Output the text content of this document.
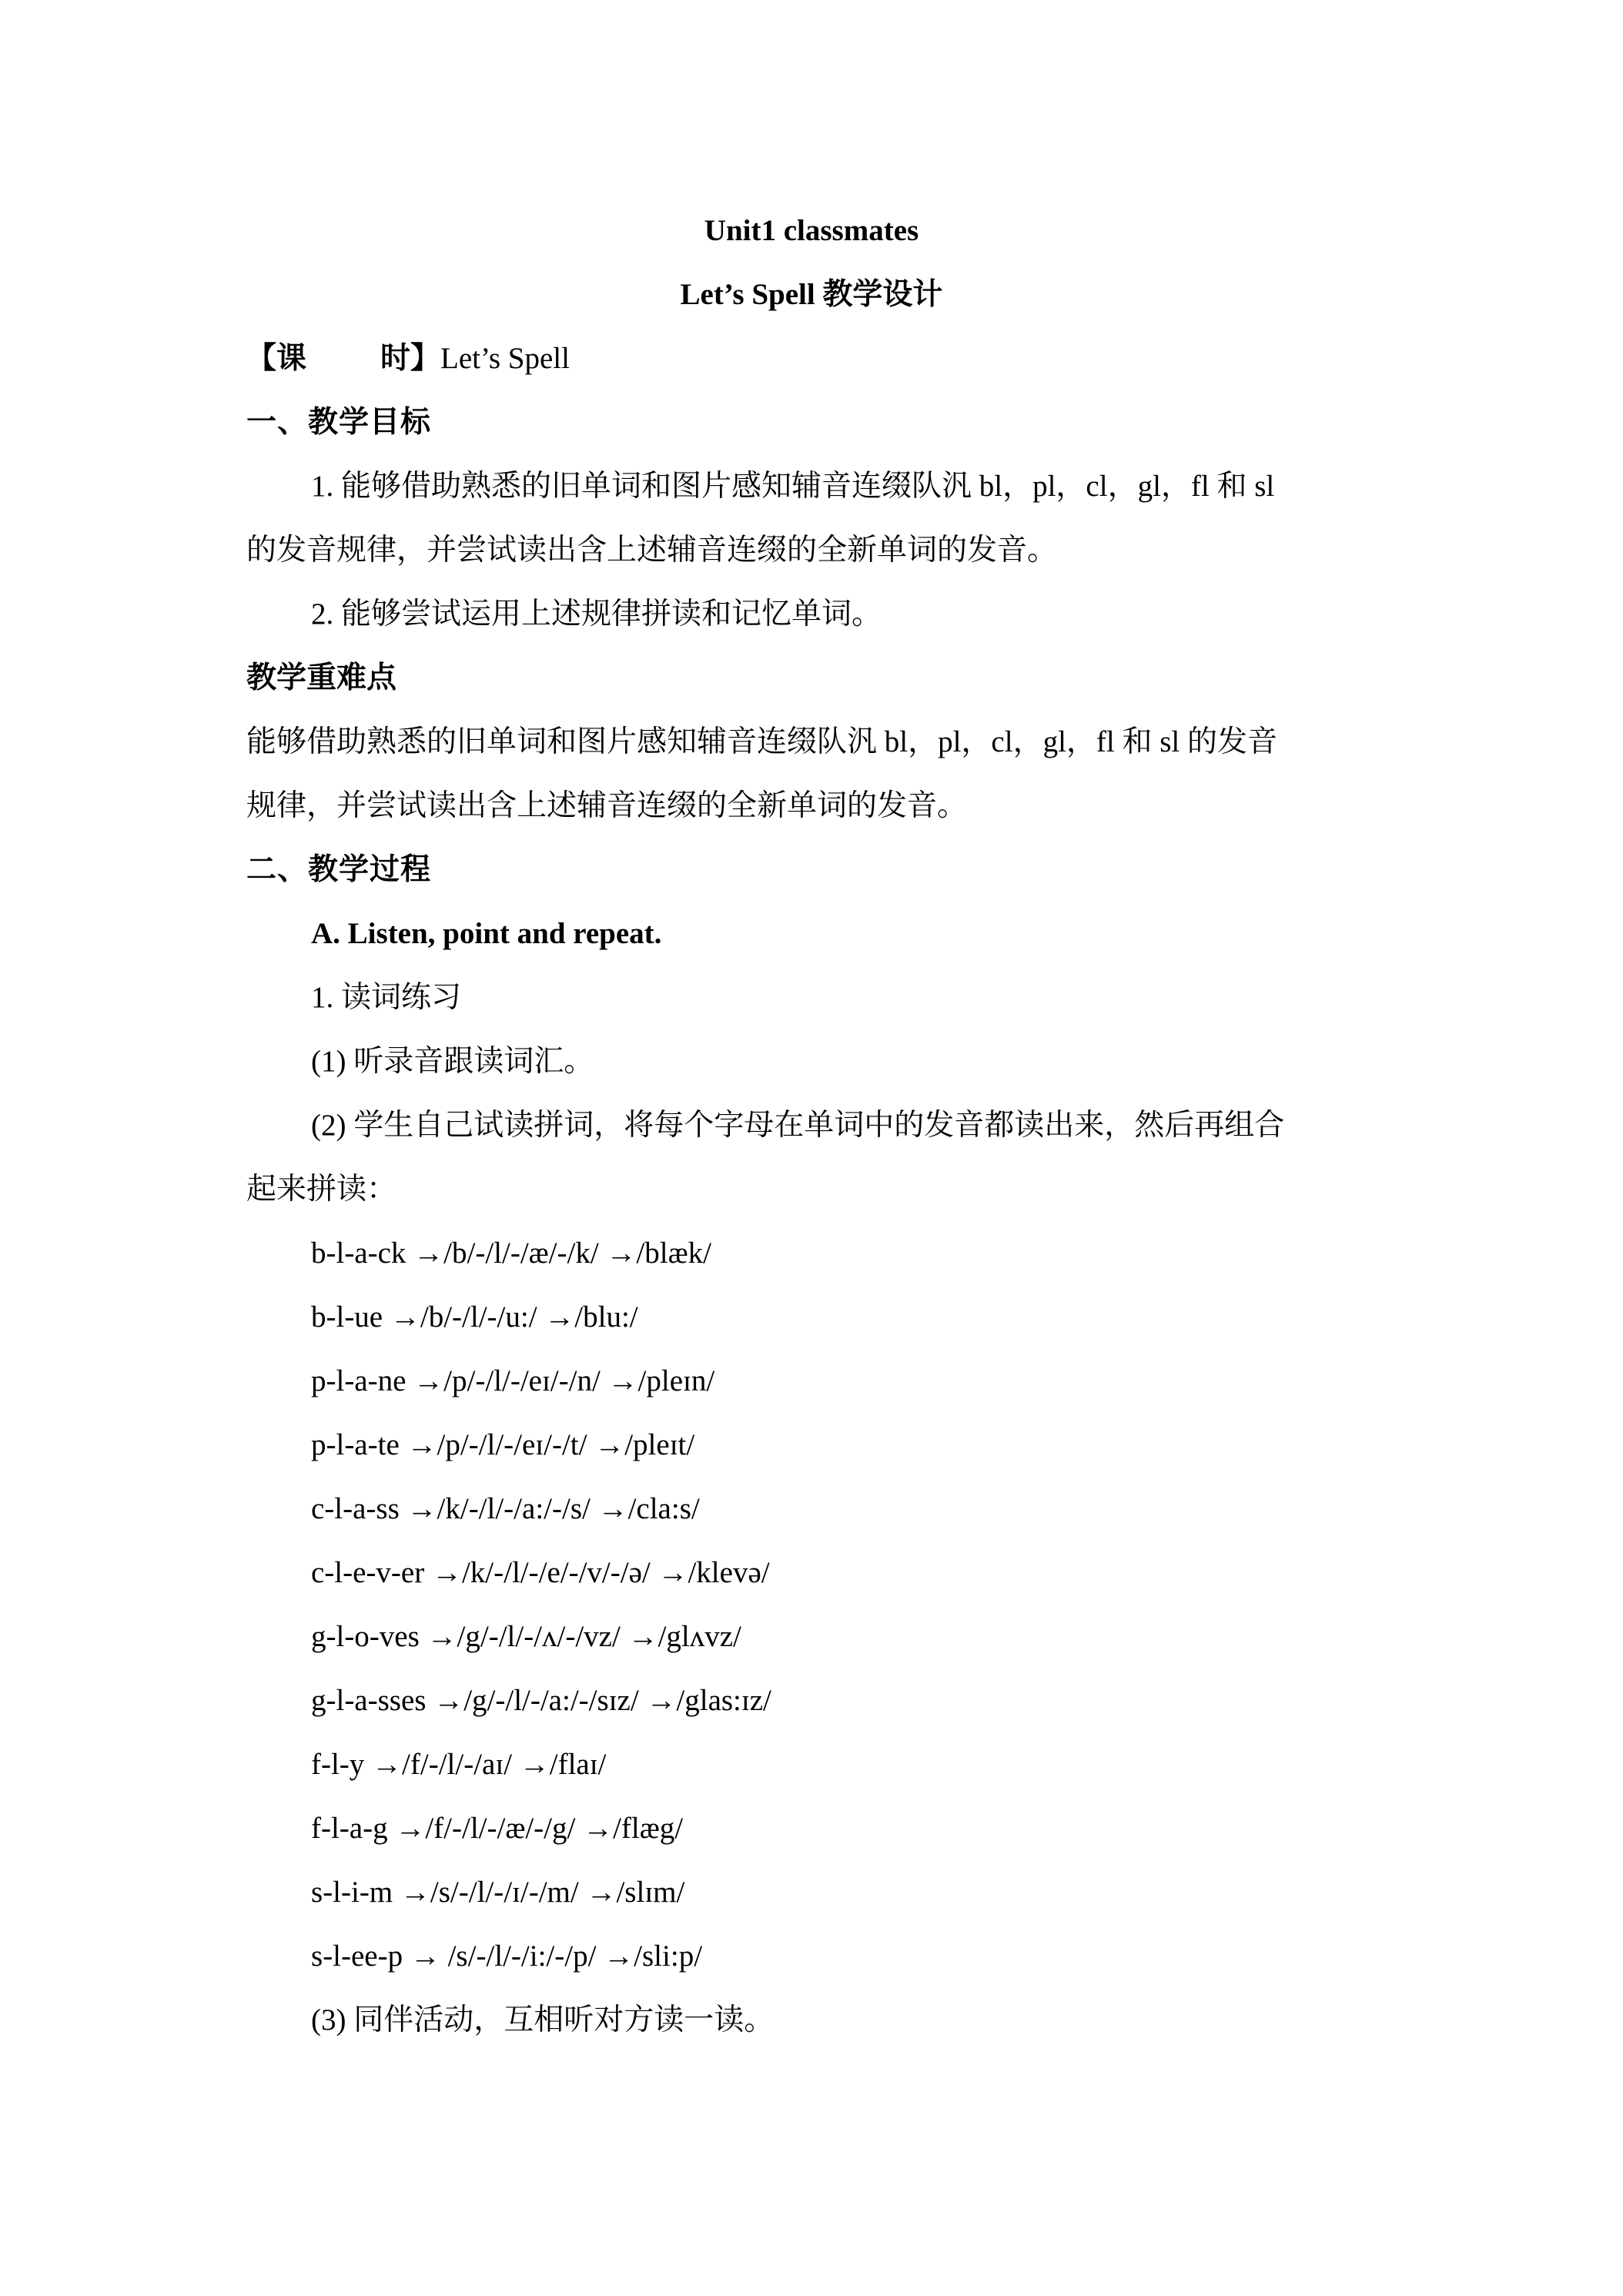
Unit1 classmates
Let’s Spell 教学设计
【课 时】Let’s Spell
一、教学目标
1. 能够借助熟悉的旧单词和图片感知辅音连缀队汎 bl，pl，cl，gl，fl 和 sl
的发音规律，并尝试读出含上述辅音连缀的全新单词的发音。
2. 能够尝试运用上述规律拼读和记忆单词。
教学重难点
能够借助熟悉的旧单词和图片感知辅音连缀队汎 bl，pl，cl，gl，fl 和 sl 的发音
规律，并尝试读出含上述辅音连缀的全新单词的发音。
二、教学过程
A. Listen, point and repeat.
1. 读词练习
(1) 听录音跟读词汇。
(2) 学生自己试读拼词，将每个字母在单词中的发音都读出来，然后再组合
起来拼读：
b-l-a-ck →/b/-/l/-/æ/-/k/ →/blæk/
b-l-ue →/b/-/l/-/u:/ →/blu:/
p-l-a-ne →/p/-/l/-/eɪ/-/n/ →/pleɪn/
p-l-a-te →/p/-/l/-/eɪ/-/t/ →/pleɪt/
c-l-a-ss →/k/-/l/-/a:/-/s/ →/cla:s/
c-l-e-v-er →/k/-/l/-/e/-/v/-/ə/ →/klevə/
g-l-o-ves →/g/-/l/-/ʌ/-/vz/ →/glʌvz/
g-l-a-sses →/g/-/l/-/a:/-/sɪz/ →/glas:ɪz/
f-l-y →/f/-/l/-/aɪ/ →/flaɪ/
f-l-a-g →/f/-/l/-/æ/-/g/ →/flæg/
s-l-i-m →/s/-/l/-/ɪ/-/m/ →/slɪm/
s-l-ee-p → /s/-/l/-/i:/-/p/ →/sli:p/
(3) 同伴活动，互相听对方读一读。
